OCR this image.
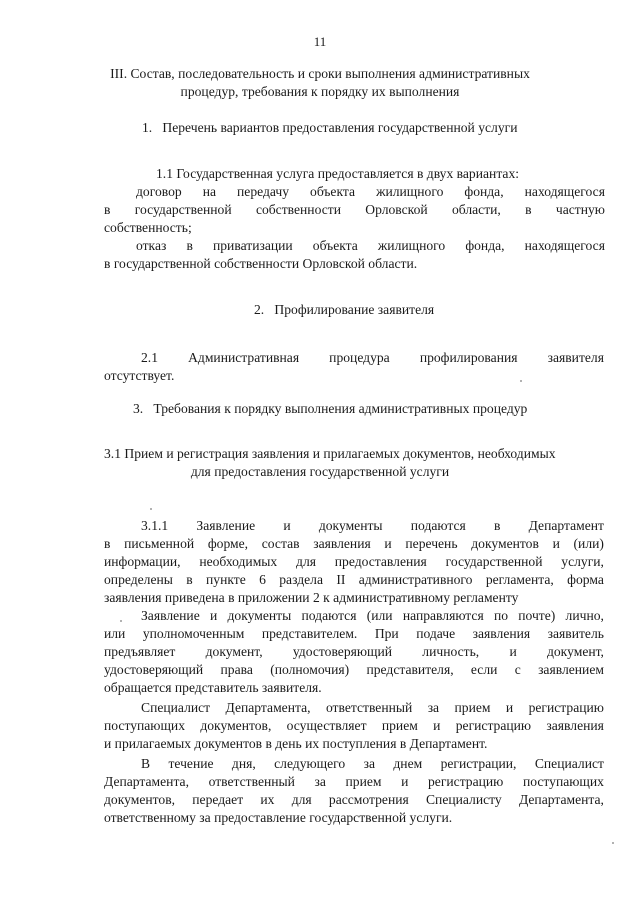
11
III. Состав, последовательность и сроки выполнения административных
процедур, требования к порядку их выполнения
1. Перечень вариантов предоставления государственной услуги
1.1 Государственная услуга предоставляется в двух вариантах:
договор на передачу объекта жилищного фонда, находящегося
в государственной собственности Орловской области, в частную
собственность;
отказ в приватизации объекта жилищного фонда, находящегося
в государственной собственности Орловской области.
2. Профилирование заявителя
2.1 Административная процедура профилирования заявителя
отсутствует.
3. Требования к порядку выполнения административных процедур
3.1 Прием и регистрация заявления и прилагаемых документов, необходимых
для предоставления государственной услуги
3.1.1 Заявление и документы подаются в Департамент
в письменной форме, состав заявления и перечень документов и (или)
информации, необходимых для предоставления государственной услуги,
определены в пункте 6 раздела II административного регламента, форма
заявления приведена в приложении 2 к административному регламенту
Заявление и документы подаются (или направляются по почте) лично,
или уполномоченным представителем. При подаче заявления заявитель
предъявляет документ, удостоверяющий личность, и документ,
удостоверяющий права (полномочия) представителя, если с заявлением
обращается представитель заявителя.
Специалист Департамента, ответственный за прием и регистрацию
поступающих документов, осуществляет прием и регистрацию заявления
и прилагаемых документов в день их поступления в Департамент.
В течение дня, следующего за днем регистрации, Специалист
Департамента, ответственный за прием и регистрацию поступающих
документов, передает их для рассмотрения Специалисту Департамента,
ответственному за предоставление государственной услуги.
